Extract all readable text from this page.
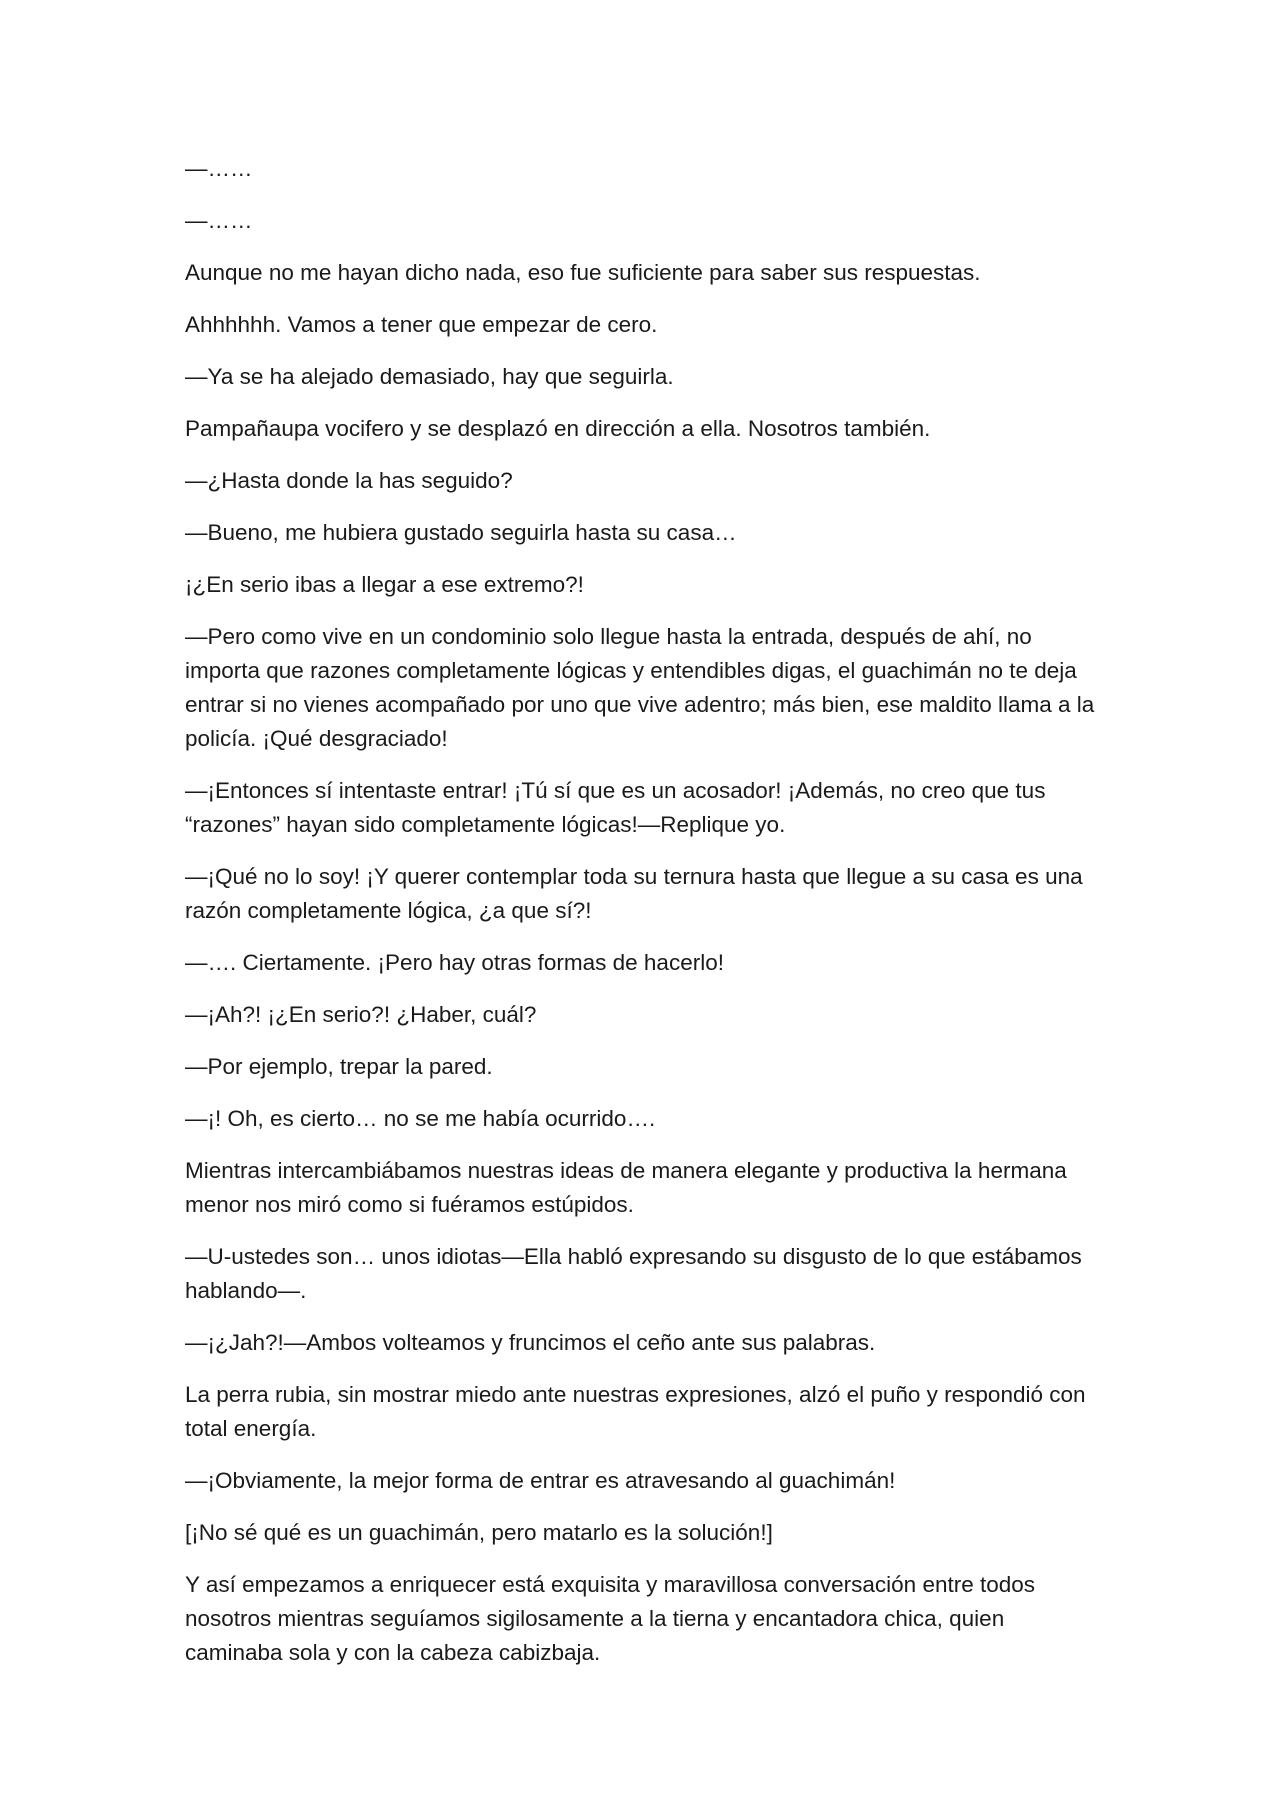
—……

—……

Aunque no me hayan dicho nada, eso fue suficiente para saber sus respuestas.

Ahhhhhh. Vamos a tener que empezar de cero.

—Ya se ha alejado demasiado, hay que seguirla.

Pampañaupa vocifero y se desplazó en dirección a ella. Nosotros también.

—¿Hasta donde la has seguido?

—Bueno, me hubiera gustado seguirla hasta su casa…

¡¿En serio ibas a llegar a ese extremo?!

—Pero como vive en un condominio solo llegue hasta la entrada, después de ahí, no importa que razones completamente lógicas y entendibles digas, el guachimán no te deja entrar si no vienes acompañado por uno que vive adentro; más bien, ese maldito llama a la policía. ¡Qué desgraciado!

—¡Entonces sí intentaste entrar! ¡Tú sí que es un acosador! ¡Además, no creo que tus “razones” hayan sido completamente lógicas!—Replique yo.

—¡Qué no lo soy! ¡Y querer contemplar toda su ternura hasta que llegue a su casa es una razón completamente lógica, ¿a que sí?!

—…. Ciertamente. ¡Pero hay otras formas de hacerlo!

—¡Ah?! ¡¿En serio?! ¿Haber, cuál?

—Por ejemplo, trepar la pared.

—¡! Oh, es cierto… no se me había ocurrido….

Mientras intercambiábamos nuestras ideas de manera elegante y productiva la hermana menor nos miró como si fuéramos estúpidos.

—U-ustedes son… unos idiotas—Ella habló expresando su disgusto de lo que estábamos hablando—.

—¡¿Jah?!—Ambos volteamos y fruncimos el ceño ante sus palabras.

La perra rubia, sin mostrar miedo ante nuestras expresiones, alzó el puño y respondió con total energía.

—¡Obviamente, la mejor forma de entrar es atravesando al guachimán!

[¡No sé qué es un guachimán, pero matarlo es la solución!]

Y así empezamos a enriquecer está exquisita y maravillosa conversación entre todos nosotros mientras seguíamos sigilosamente a la tierna y encantadora chica, quien caminaba sola y con la cabeza cabizbaja.
